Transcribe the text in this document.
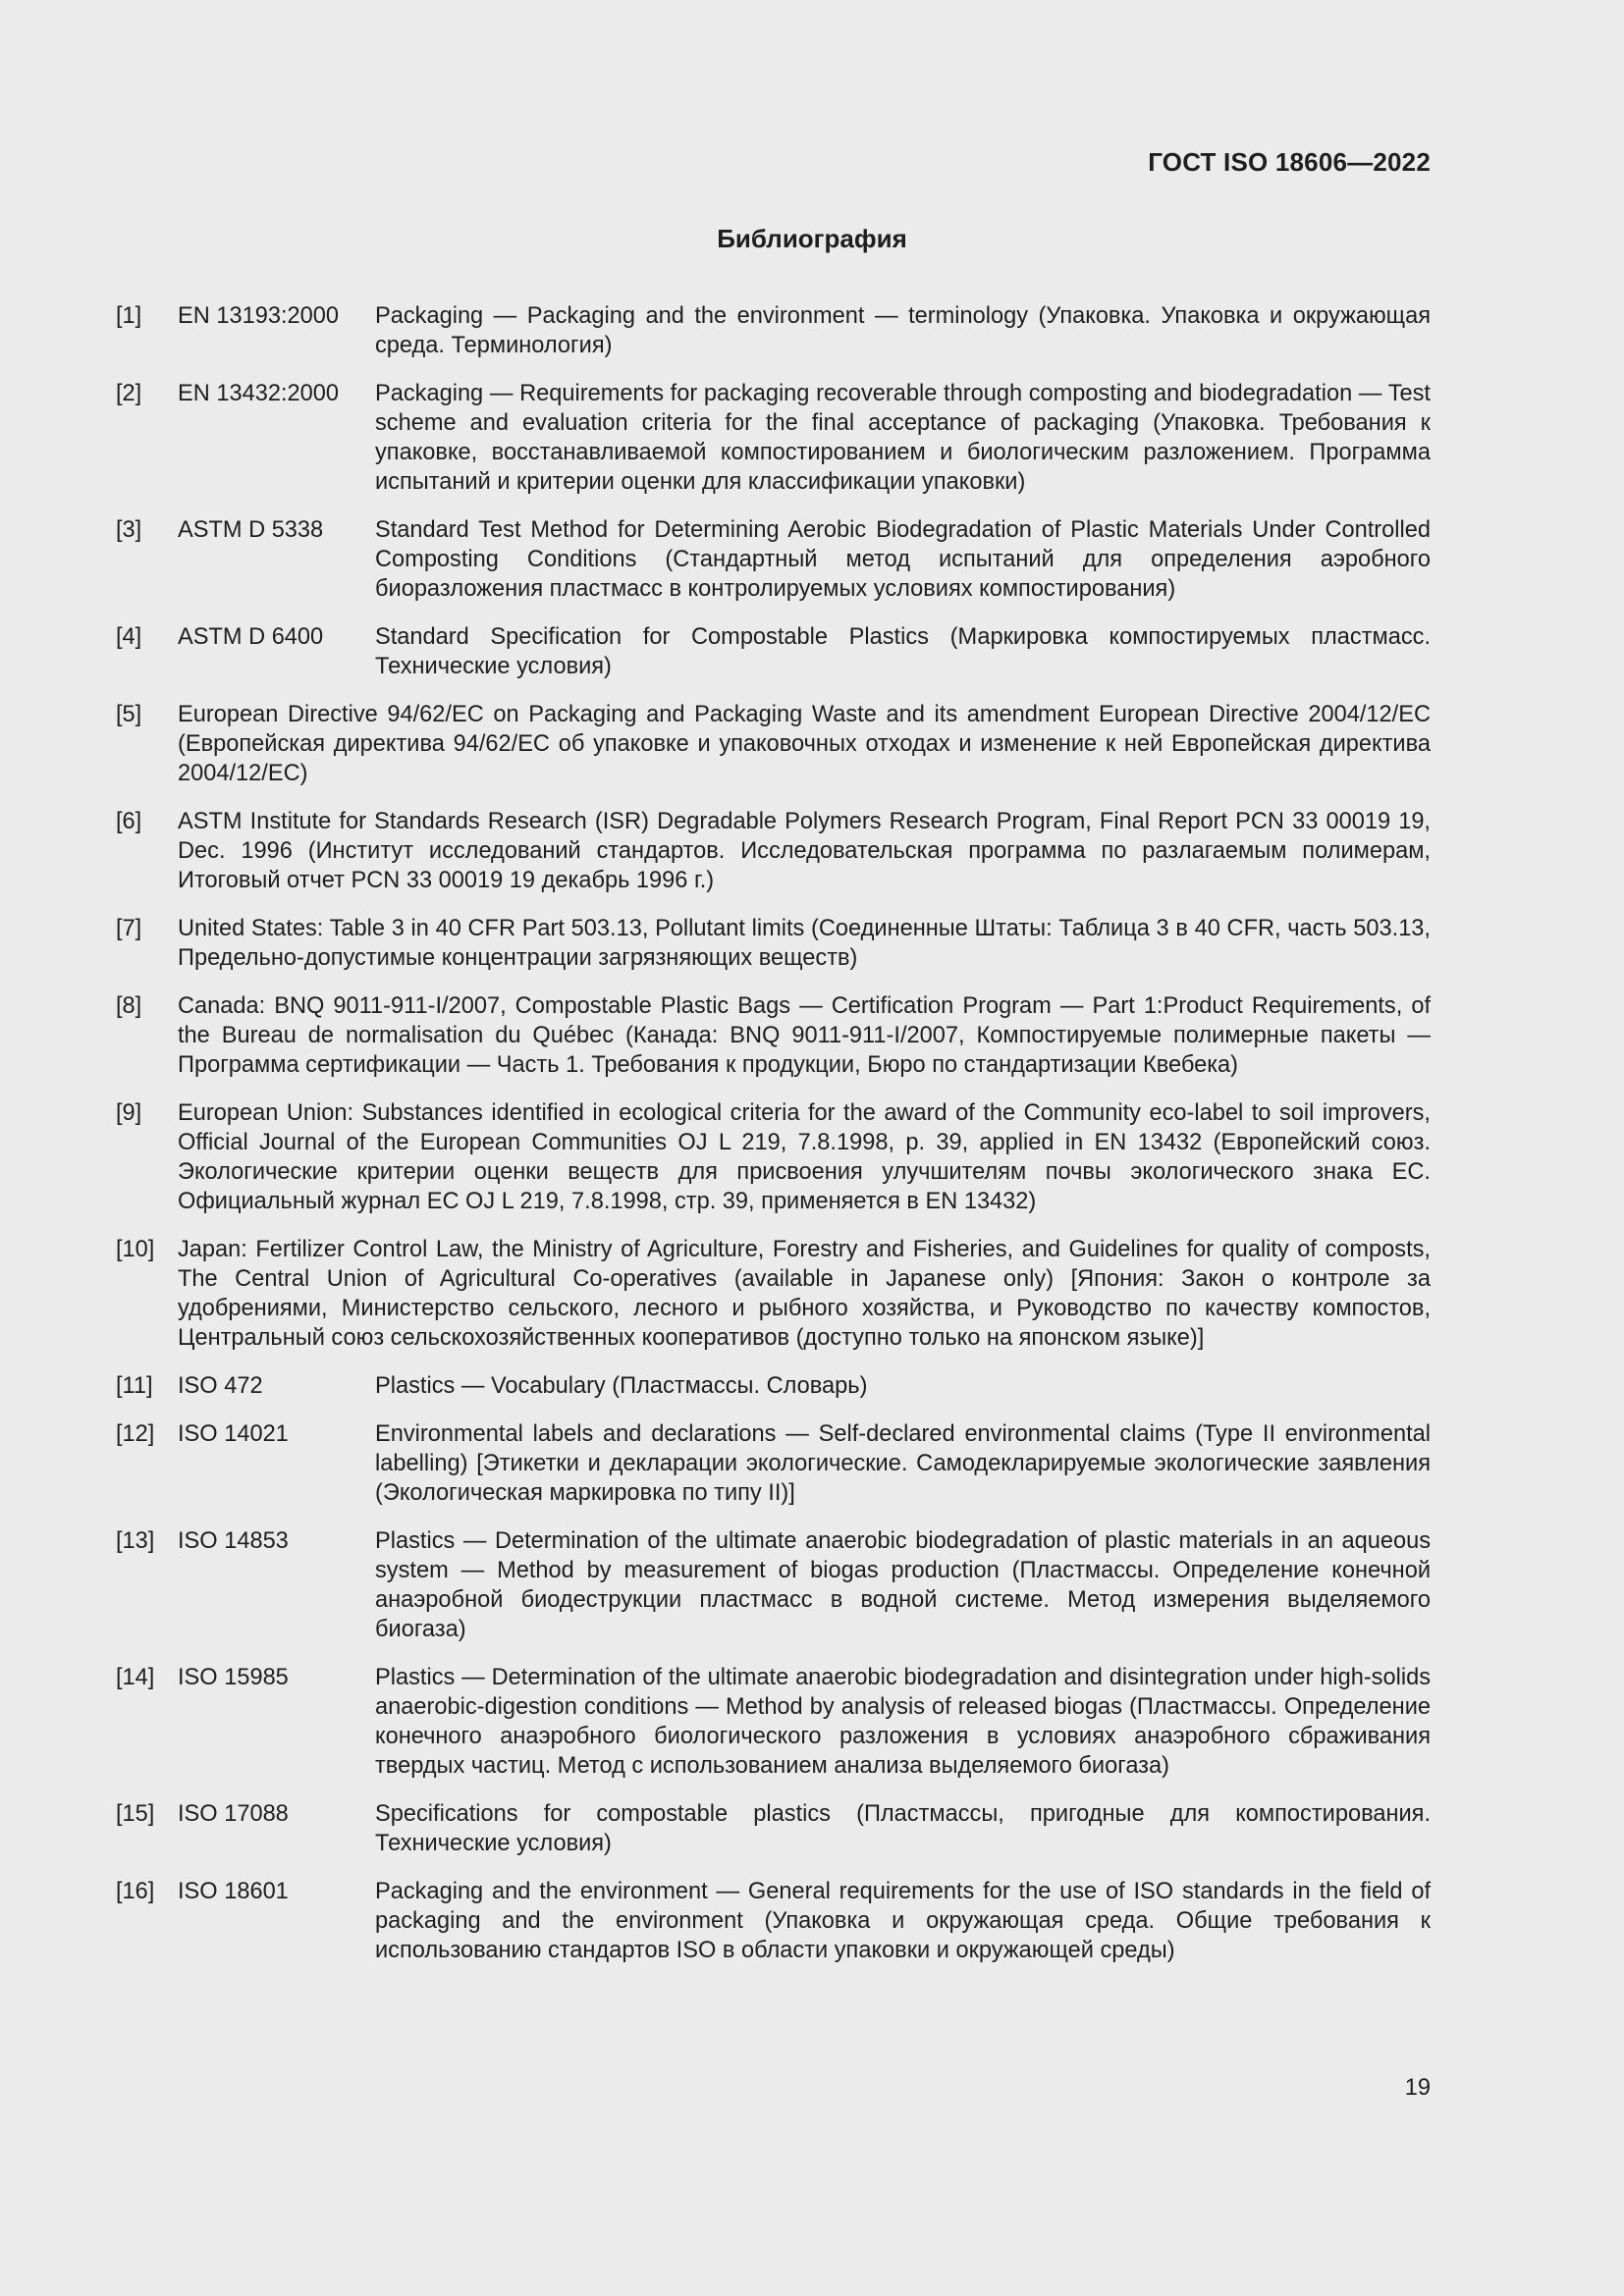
ГОСТ ISO 18606—2022
Библиография
[1]	EN 13193:2000	Packaging — Packaging and the environment — terminology (Упаковка. Упаковка и окружающая среда. Терминология)
[2]	EN 13432:2000	Packaging — Requirements for packaging recoverable through composting and biodegradation — Test scheme and evaluation criteria for the final acceptance of packaging (Упаковка. Требования к упаковке, восстанавливаемой компостированием и биологическим разложением. Программа испытаний и критерии оценки для классификации упаковки)
[3]	ASTM D 5338	Standard Test Method for Determining Aerobic Biodegradation of Plastic Materials Under Controlled Composting Conditions (Стандартный метод испытаний для определения аэробного биоразложения пластмасс в контролируемых условиях компостирования)
[4]	ASTM D 6400	Standard Specification for Compostable Plastics (Маркировка компостируемых пластмасс. Технические условия)
[5]	European Directive 94/62/EC on Packaging and Packaging Waste and its amendment European Directive 2004/12/EC (Европейская директива 94/62/EC об упаковке и упаковочных отходах и изменение к ней Европейская директива 2004/12/EC)
[6]	ASTM Institute for Standards Research (ISR) Degradable Polymers Research Program, Final Report PCN 33 00019 19, Dec. 1996 (Институт исследований стандартов. Исследовательская программа по разлагаемым полимерам, Итоговый отчет PCN 33 00019 19 декабрь 1996 г.)
[7]	United States: Table 3 in 40 CFR Part 503.13, Pollutant limits (Соединенные Штаты: Таблица 3 в 40 CFR, часть 503.13, Предельно-допустимые концентрации загрязняющих веществ)
[8]	Canada: BNQ 9011-911-I/2007, Compostable Plastic Bags — Certification Program — Part 1:Product Requirements, of the Bureau de normalisation du Québec (Канада: BNQ 9011-911-I/2007, Компостируемые полимерные пакеты — Программа сертификации — Часть 1. Требования к продукции, Бюро по стандартизации Квебека)
[9]	European Union: Substances identified in ecological criteria for the award of the Community eco-label to soil improvers, Official Journal of the European Communities OJ L 219, 7.8.1998, p. 39, applied in EN 13432 (Европейский союз. Экологические критерии оценки веществ для присвоения улучшителям почвы экологического знака ЕС. Официальный журнал ЕС OJ L 219, 7.8.1998, стр. 39, применяется в EN 13432)
[10]	Japan: Fertilizer Control Law, the Ministry of Agriculture, Forestry and Fisheries, and Guidelines for quality of composts, The Central Union of Agricultural Co-operatives (available in Japanese only) [Япония: Закон о контроле за удобрениями, Министерство сельского, лесного и рыбного хозяйства, и Руководство по качеству компостов, Центральный союз сельскохозяйственных кооперативов (доступно только на японском языке)]
[11]	ISO 472	Plastics — Vocabulary (Пластмассы. Словарь)
[12]	ISO 14021	Environmental labels and declarations — Self-declared environmental claims (Type II environmental labelling) [Этикетки и декларации экологические. Самодекларируемые экологические заявления (Экологическая маркировка по типу II)]
[13]	ISO 14853	Plastics — Determination of the ultimate anaerobic biodegradation of plastic materials in an aqueous system — Method by measurement of biogas production (Пластмассы. Определение конечной анаэробной биодеструкции пластмасс в водной системе. Метод измерения выделяемого биогаза)
[14]	ISO 15985	Plastics — Determination of the ultimate anaerobic biodegradation and disintegration under high-solids anaerobic-digestion conditions — Method by analysis of released biogas (Пластмассы. Определение конечного анаэробного биологического разложения в условиях анаэробного сбраживания твердых частиц. Метод с использованием анализа выделяемого биогаза)
[15]	ISO 17088	Specifications for compostable plastics (Пластмассы, пригодные для компостирования. Технические условия)
[16]	ISO 18601	Packaging and the environment — General requirements for the use of ISO standards in the field of packaging and the environment (Упаковка и окружающая среда. Общие требования к использованию стандартов ISO в области упаковки и окружающей среды)
19
